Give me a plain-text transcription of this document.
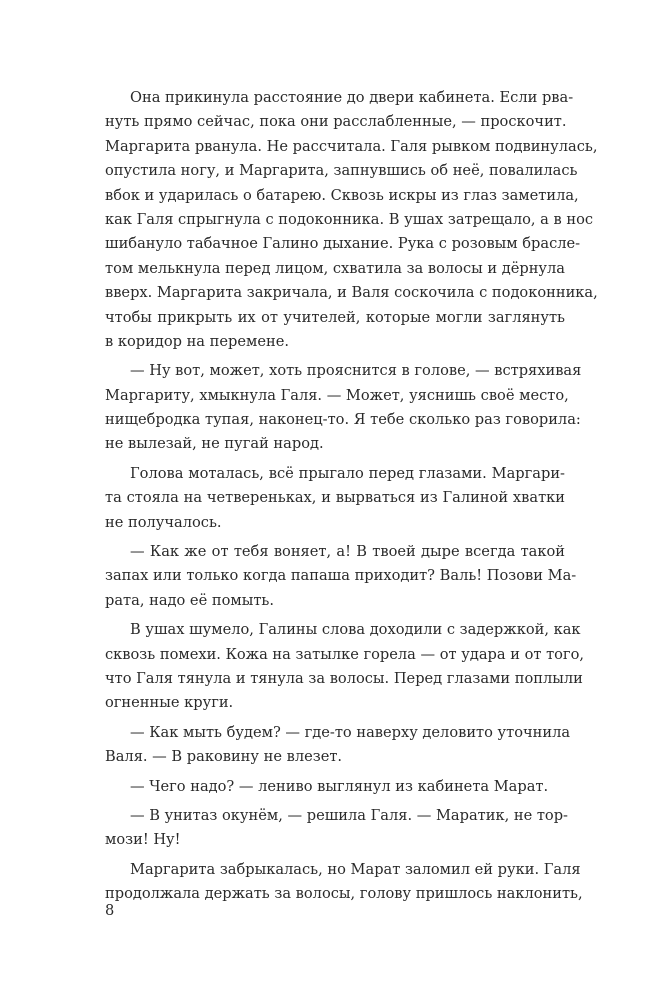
Она прикинула расстояние до двери кабинета. Если рва-
нуть прямо сейчас, пока они расслабленные, — проскочит.
Маргарита рванула. Не рассчитала. Галя рывком подвинулась,
опустила ногу, и Маргарита, запнувшись об неё, повалилась
вбок и ударилась о батарею. Сквозь искры из глаз заметила,
как Галя спрыгнула с подоконника. В ушах затрещало, а в нос
шибануло табачное Галино дыхание. Рука с розовым брасле-
том мелькнула перед лицом, схватила за волосы и дёрнула
вверх. Маргарита закричала, и Валя соскочила с подоконника,
чтобы прикрыть их от учителей, которые могли заглянуть
в коридор на перемене.
— Ну вот, может, хоть прояснится в голове, — встряхивая
Маргариту, хмыкнула Галя. — Может, уяснишь своё место,
нищебродка тупая, наконец-то. Я тебе сколько раз говорила:
не вылезай, не пугай народ.
Голова моталась, всё прыгало перед глазами. Маргари-
та стояла на четвереньках, и вырваться из Галиной хватки
не получалось.
— Как же от тебя воняет, а! В твоей дыре всегда такой
запах или только когда папаша приходит? Валь! Позови Ма-
рата, надо её помыть.
В ушах шумело, Галины слова доходили с задержкой, как
сквозь помехи. Кожа на затылке горела — от удара и от того,
что Галя тянула и тянула за волосы. Перед глазами поплыли
огненные круги.
— Как мыть будем? — где-то наверху деловито уточнила
Валя. — В раковину не влезет.
— Чего надо? — лениво выглянул из кабинета Марат.
— В унитаз окунём, — решила Галя. — Маратик, не тор-
мози! Ну!
Маргарита забрыкалась, но Марат заломил ей руки. Галя
продолжала держать за волосы, голову пришлось наклонить,
8
